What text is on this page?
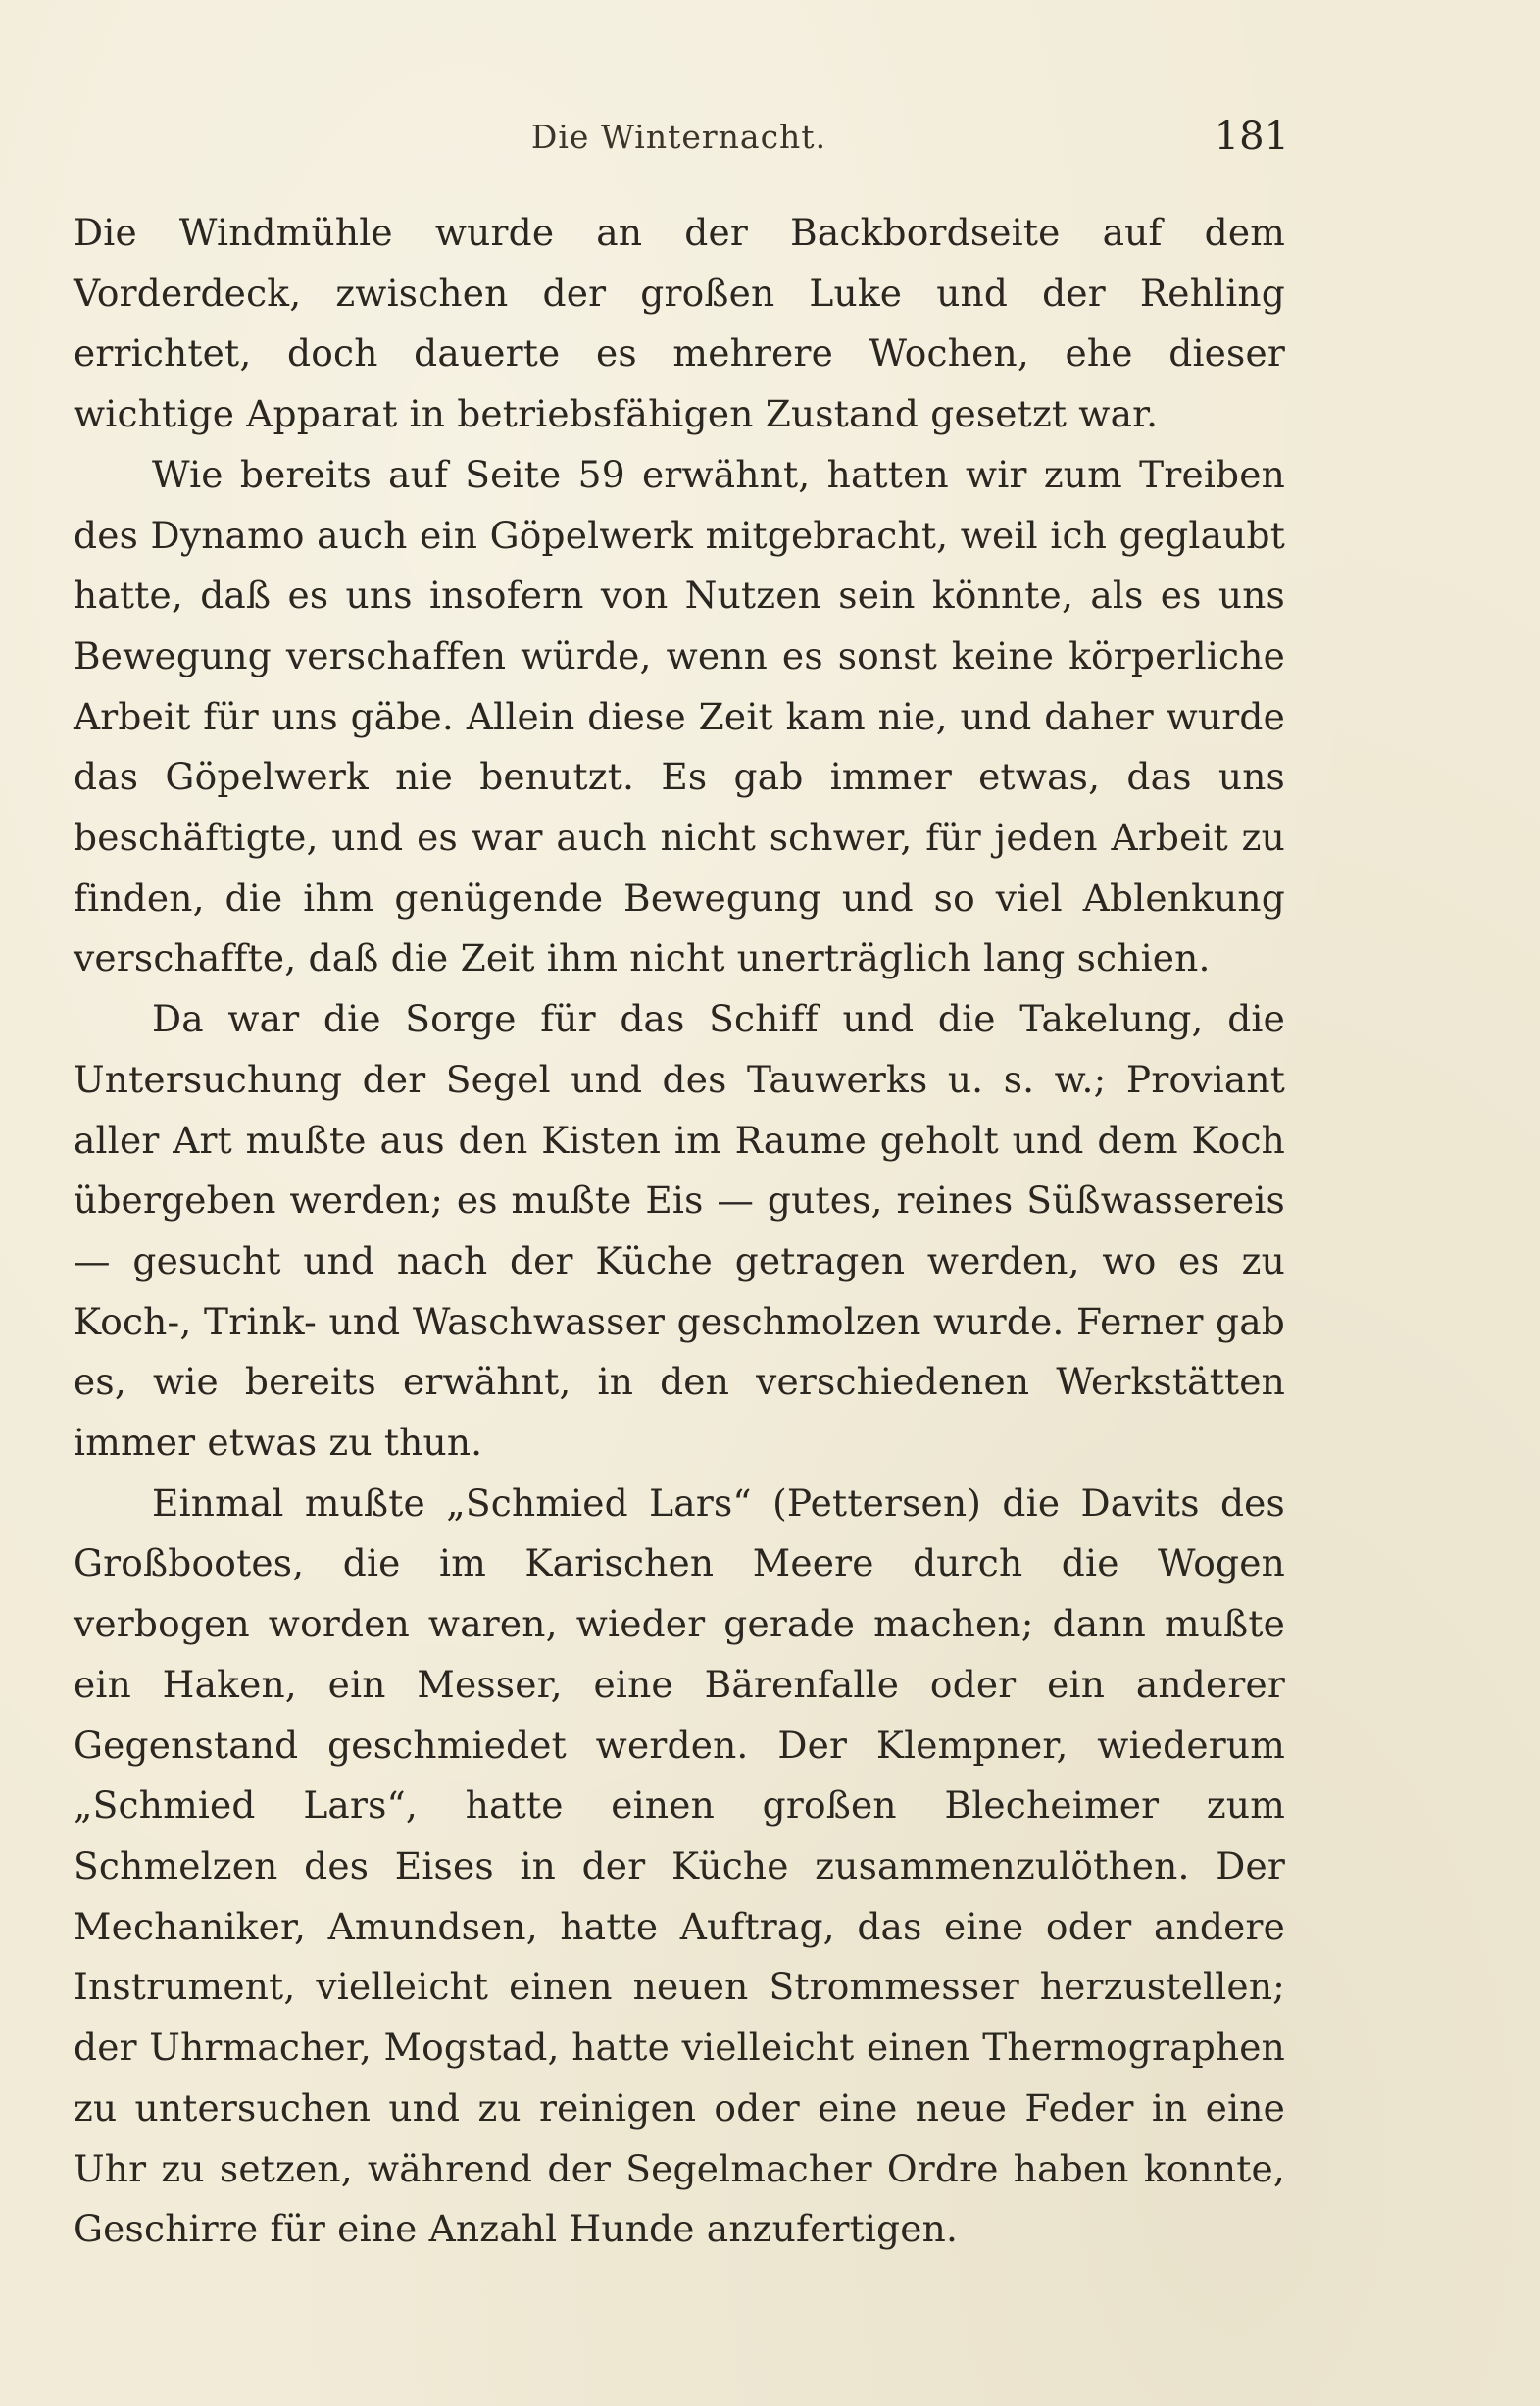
Die Winternacht.	181

Die Windmühle wurde an der Backbordseite auf dem Vorderdeck, zwischen der großen Luke und der Rehling errichtet, doch dauerte es mehrere Wochen, ehe dieser wichtige Apparat in betriebsfähigen Zustand gesetzt war.

Wie bereits auf Seite 59 erwähnt, hatten wir zum Treiben des Dynamo auch ein Göpelwerk mitgebracht, weil ich geglaubt hatte, daß es uns insofern von Nutzen sein könnte, als es uns Bewegung verschaffen würde, wenn es sonst keine körperliche Arbeit für uns gäbe. Allein diese Zeit kam nie, und daher wurde das Göpelwerk nie benutzt. Es gab immer etwas, das uns beschäftigte, und es war auch nicht schwer, für jeden Arbeit zu finden, die ihm genügende Bewegung und so viel Ablenkung verschaffte, daß die Zeit ihm nicht unerträglich lang schien.

Da war die Sorge für das Schiff und die Takelung, die Untersuchung der Segel und des Tauwerks u. s. w.; Proviant aller Art mußte aus den Kisten im Raume geholt und dem Koch übergeben werden; es mußte Eis — gutes, reines Süßwassereis — gesucht und nach der Küche getragen werden, wo es zu Koch-, Trink- und Waschwasser geschmolzen wurde. Ferner gab es, wie bereits erwähnt, in den verschiedenen Werkstätten immer etwas zu thun.

Einmal mußte „Schmied Lars“ (Pettersen) die Davits des Großbootes, die im Karischen Meere durch die Wogen verbogen worden waren, wieder gerade machen; dann mußte ein Haken, ein Messer, eine Bärenfalle oder ein anderer Gegenstand geschmiedet werden. Der Klempner, wiederum „Schmied Lars“, hatte einen großen Blecheimer zum Schmelzen des Eises in der Küche zusammenzulöthen. Der Mechaniker, Amundsen, hatte Auftrag, das eine oder andere Instrument, vielleicht einen neuen Strommesser herzustellen; der Uhrmacher, Mogstad, hatte vielleicht einen Thermographen zu untersuchen und zu reinigen oder eine neue Feder in eine Uhr zu setzen, während der Segelmacher Ordre haben konnte, Geschirre für eine Anzahl Hunde anzufertigen.
